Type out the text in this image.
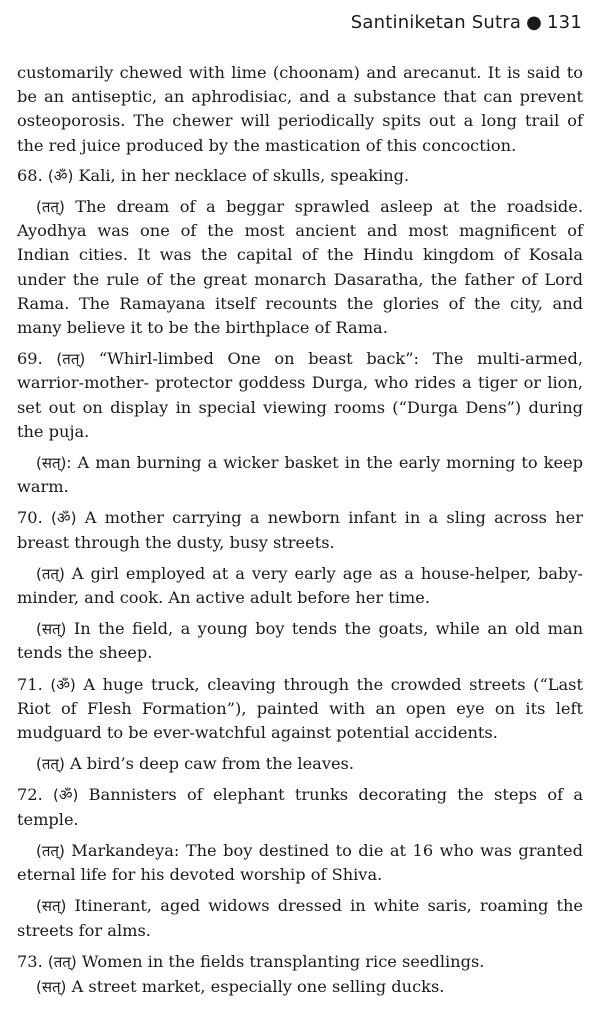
Santiniketan Sutra ● 131

customarily chewed with lime (choonam) and arecanut. It is said to be an antiseptic, an aphrodisiac, and a substance that can prevent osteoporosis. The chewer will periodically spits out a long trail of the red juice produced by the mastication of this concoction.

68. (ॐ) Kali, in her necklace of skulls, speaking.

(तत्) The dream of a beggar sprawled asleep at the roadside. Ayodhya was one of the most ancient and most magnificent of Indian cities. It was the capital of the Hindu kingdom of Kosala under the rule of the great monarch Dasaratha, the father of Lord Rama. The Ramayana itself recounts the glories of the city, and many believe it to be the birthplace of Rama.

69. (तत्) “Whirl-limbed One on beast back”: The multi-armed, warrior-mother- protector goddess Durga, who rides a tiger or lion, set out on display in special viewing rooms (“Durga Dens”) during the puja.

(सत्): A man burning a wicker basket in the early morning to keep warm.

70. (ॐ) A mother carrying a newborn infant in a sling across her breast through the dusty, busy streets.

(तत्) A girl employed at a very early age as a house-helper, baby-minder, and cook. An active adult before her time.

(सत्) In the field, a young boy tends the goats, while an old man tends the sheep.

71. (ॐ) A huge truck, cleaving through the crowded streets (“Last Riot of Flesh Formation”), painted with an open eye on its left mudguard to be ever-watchful against potential accidents.

(तत्) A bird’s deep caw from the leaves.

72. (ॐ) Bannisters of elephant trunks decorating the steps of a temple.

(तत्) Markandeya: The boy destined to die at 16 who was granted eternal life for his devoted worship of Shiva.

(सत्) Itinerant, aged widows dressed in white saris, roaming the streets for alms.

73. (तत्) Women in the fields transplanting rice seedlings.

(सत्) A street market, especially one selling ducks.
